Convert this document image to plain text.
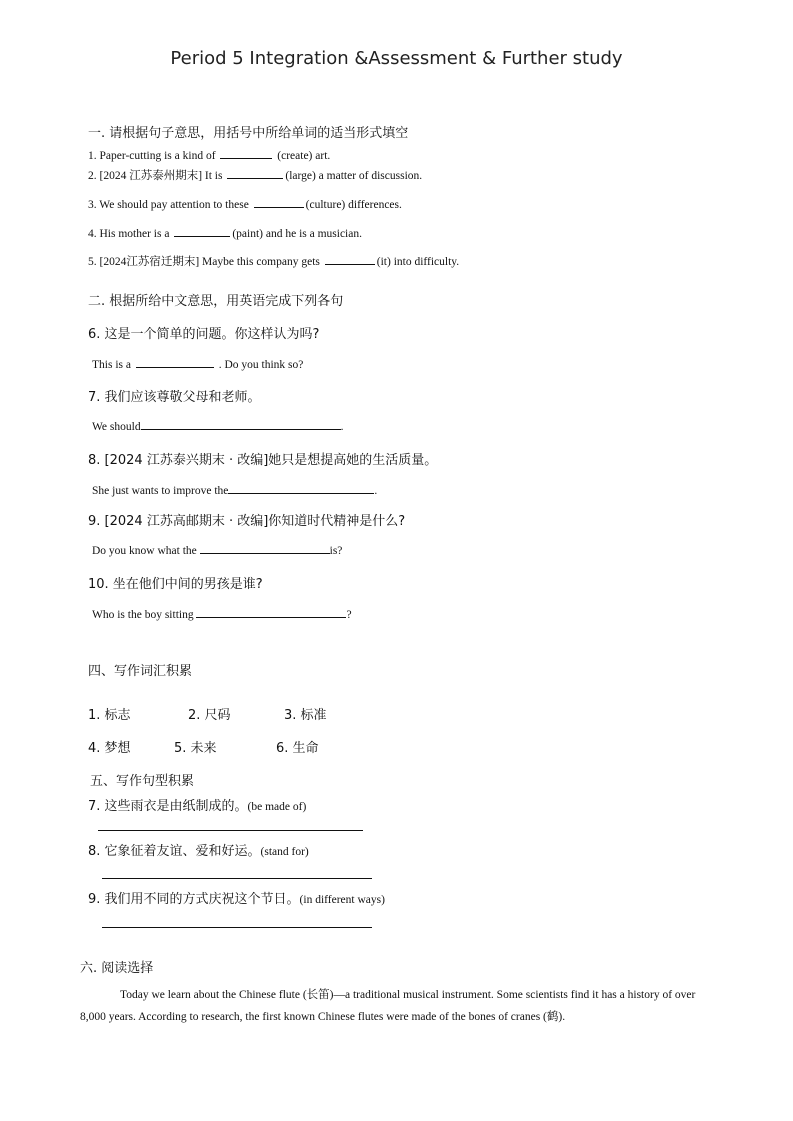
Period 5 Integration &Assessment & Further study
一. 请根据句子意思，用括号中所给单词的适当形式填空
1. Paper-cutting is a kind of	(create) art.
2. [2024 江苏泰州期末] It is	(large) a matter of discussion.
3. We should pay attention to these	(culture) differences.
4. His mother is a	(paint) and he is a musician.
5. [2024江苏宿迁期末] Maybe this company gets	(it) into difficulty.
二. 根据所给中文意思，用英语完成下列各句
6. 这是一个简单的问题。你这样认为吗?
This is a	. Do you think so?
7. 我们应该尊敬父母和老师。
We should	.
8. [2024 江苏泰兴期末 · 改编]她只是想提高她的生活质量。
She just wants to improve the	.
9. [2024 江苏高邮期末 · 改编]你知道时代精神是什么?
Do you know what the	is?
10. 坐在他们中间的男孩是谁?
Who is the boy sitting	?
四、写作词汇积累
1. 标志	2. 尺码	3. 标准
4. 梦想	5. 未来	6. 生命
五、写作句型积累
7. 这些雨衣是由纸制成的。(be made of)
8. 它象征着友谊、爱和好运。(stand for)
9. 我们用不同的方式庆祝这个节日。(in different ways)
六. 阅读选择
Today we learn about the Chinese flute (长笛)—a traditional musical instrument. Some scientists find it has a history of over 8,000 years. According to research, the first known Chinese flutes were made of the bones of cranes (鹤).
